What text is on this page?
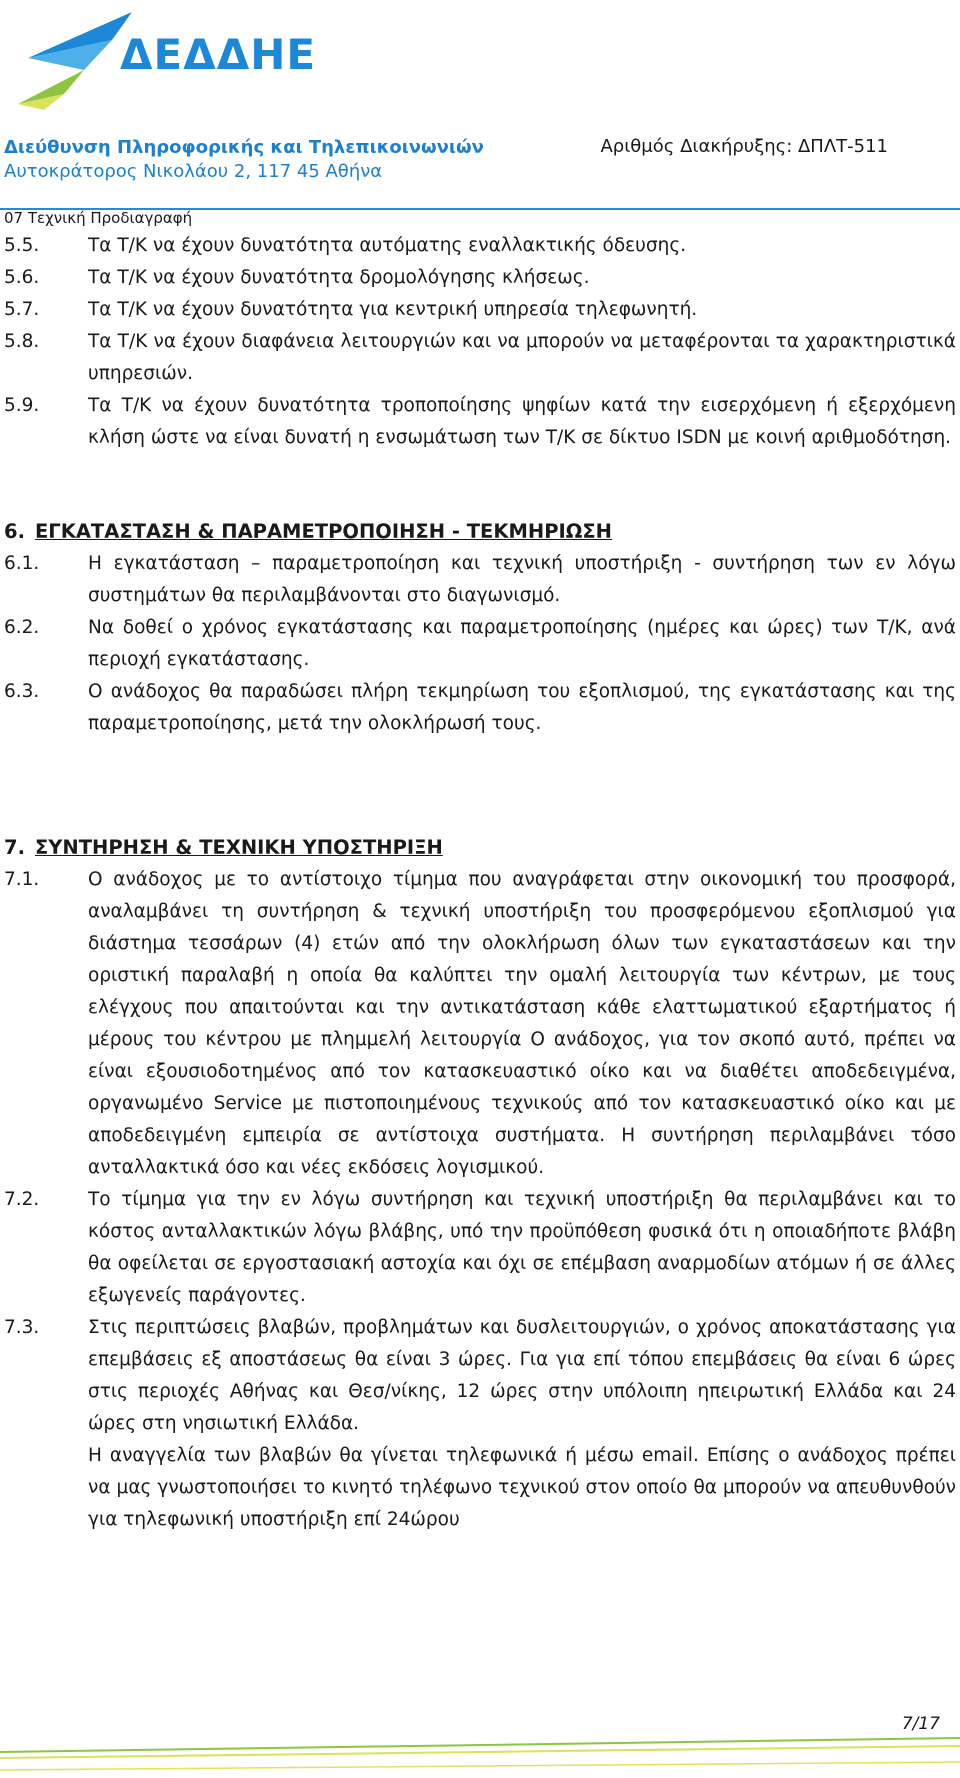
ΔΕΔΔΗΕ
Διεύθυνση Πληροφορικής και Τηλεπικοινωνιών
Αυτοκράτορος Νικολάου 2, 117 45 Αθήνα
Αριθμός Διακήρυξης: ΔΠΛΤ-511
07 Τεχνική Προδιαγραφή
5.5.	Τα Τ/Κ να έχουν δυνατότητα αυτόματης εναλλακτικής όδευσης.
5.6.	Τα Τ/Κ να έχουν δυνατότητα δρομολόγησης κλήσεως.
5.7.	Τα Τ/Κ να έχουν δυνατότητα για κεντρική υπηρεσία τηλεφωνητή.
5.8.	Τα Τ/Κ να έχουν διαφάνεια λειτουργιών και να μπορούν να μεταφέρονται τα χαρακτηριστικά υπηρεσιών.
5.9.	Τα Τ/Κ να έχουν δυνατότητα τροποποίησης ψηφίων κατά την εισερχόμενη ή εξερχόμενη κλήση ώστε να είναι δυνατή η ενσωμάτωση των Τ/Κ σε δίκτυο ISDN με κοινή αριθμοδότηση.
6. ΕΓΚΑΤΑΣΤΑΣΗ & ΠΑΡΑΜΕΤΡΟΠΟΙΗΣΗ - ΤΕΚΜΗΡΙΩΣΗ
6.1.	Η εγκατάσταση – παραμετροποίηση και τεχνική υποστήριξη - συντήρηση των εν λόγω συστημάτων θα περιλαμβάνονται στο διαγωνισμό.
6.2.	Να δοθεί ο χρόνος εγκατάστασης και παραμετροποίησης (ημέρες και ώρες) των Τ/Κ, ανά περιοχή εγκατάστασης.
6.3.	Ο ανάδοχος θα παραδώσει πλήρη τεκμηρίωση του εξοπλισμού, της εγκατάστασης και της παραμετροποίησης, μετά την ολοκλήρωσή τους.
7. ΣΥΝΤΗΡΗΣΗ & ΤΕΧΝΙΚΗ ΥΠΟΣΤΗΡΙΞΗ
7.1.	Ο ανάδοχος με το αντίστοιχο τίμημα που αναγράφεται στην οικονομική του προσφορά, αναλαμβάνει τη συντήρηση & τεχνική υποστήριξη του προσφερόμενου εξοπλισμού για διάστημα τεσσάρων (4) ετών από την ολοκλήρωση όλων των εγκαταστάσεων και την οριστική παραλαβή η οποία θα καλύπτει την ομαλή λειτουργία των κέντρων, με τους ελέγχους που απαιτούνται και την αντικατάσταση κάθε ελαττωματικού εξαρτήματος ή μέρους του κέντρου με πλημμελή λειτουργία Ο ανάδοχος, για τον σκοπό αυτό, πρέπει να είναι εξουσιοδοτημένος από τον κατασκευαστικό οίκο και να διαθέτει αποδεδειγμένα, οργανωμένο Service με πιστοποιημένους τεχνικούς από τον κατασκευαστικό οίκο και με αποδεδειγμένη εμπειρία σε αντίστοιχα συστήματα. Η συντήρηση περιλαμβάνει τόσο ανταλλακτικά όσο και νέες εκδόσεις λογισμικού.
7.2.	Το τίμημα για την εν λόγω συντήρηση και τεχνική υποστήριξη θα περιλαμβάνει και το κόστος ανταλλακτικών λόγω βλάβης, υπό την προϋπόθεση φυσικά ότι η οποιαδήποτε βλάβη θα οφείλεται σε εργοστασιακή αστοχία και όχι σε επέμβαση αναρμοδίων ατόμων ή σε άλλες εξωγενείς παράγοντες.
7.3.	Στις περιπτώσεις βλαβών, προβλημάτων και δυσλειτουργιών, ο χρόνος αποκατάστασης για επεμβάσεις εξ αποστάσεως θα είναι 3 ώρες. Για για επί τόπου επεμβάσεις θα είναι 6 ώρες στις περιοχές Αθήνας και Θεσ/νίκης, 12 ώρες στην υπόλοιπη ηπειρωτική Ελλάδα και 24 ώρες στη νησιωτική Ελλάδα.
Η αναγγελία των βλαβών θα γίνεται τηλεφωνικά ή μέσω email. Επίσης ο ανάδοχος πρέπει να μας γνωστοποιήσει το κινητό τηλέφωνο τεχνικού στον οποίο θα μπορούν να απευθυνθούν για τηλεφωνική υποστήριξη επί 24ώρου
7/17
